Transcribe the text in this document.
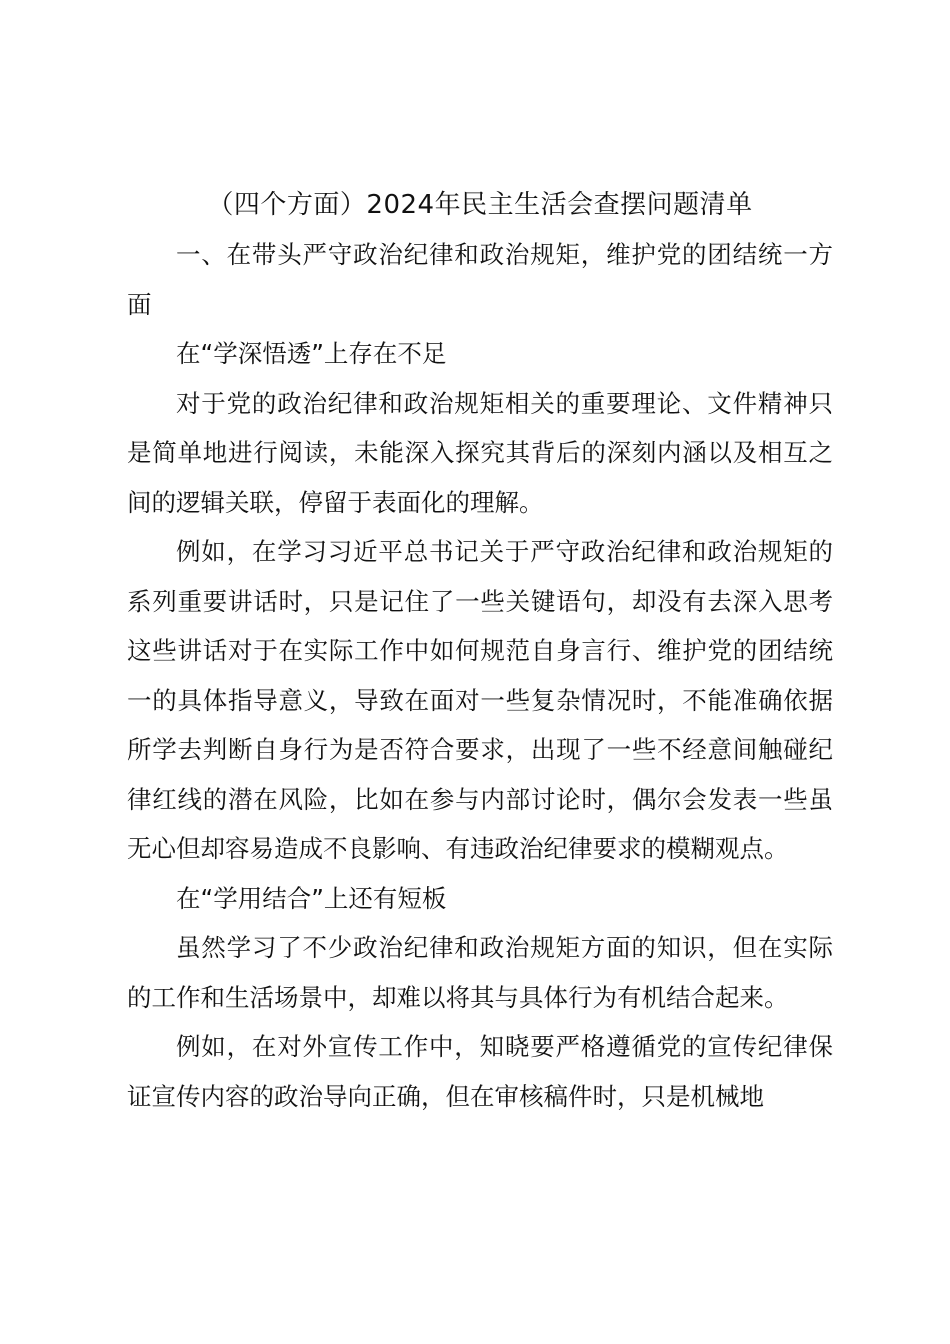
（四个方面）2024年民主生活会查摆问题清单

一、在带头严守政治纪律和政治规矩，维护党的团结统一方面

在“学深悟透”上存在不足

对于党的政治纪律和政治规矩相关的重要理论、文件精神只是简单地进行阅读，未能深入探究其背后的深刻内涵以及相互之间的逻辑关联，停留于表面化的理解。

例如，在学习习近平总书记关于严守政治纪律和政治规矩的系列重要讲话时，只是记住了一些关键语句，却没有去深入思考这些讲话对于在实际工作中如何规范自身言行、维护党的团结统一的具体指导意义，导致在面对一些复杂情况时，不能准确依据所学去判断自身行为是否符合要求，出现了一些不经意间触碰纪律红线的潜在风险，比如在参与内部讨论时，偶尔会发表一些虽无心但却容易造成不良影响、有违政治纪律要求的模糊观点。

在“学用结合”上还有短板

虽然学习了不少政治纪律和政治规矩方面的知识，但在实际的工作和生活场景中，却难以将其与具体行为有机结合起来。

例如，在对外宣传工作中，知晓要严格遵循党的宣传纪律保证宣传内容的政治导向正确，但在审核稿件时，只是机械地
